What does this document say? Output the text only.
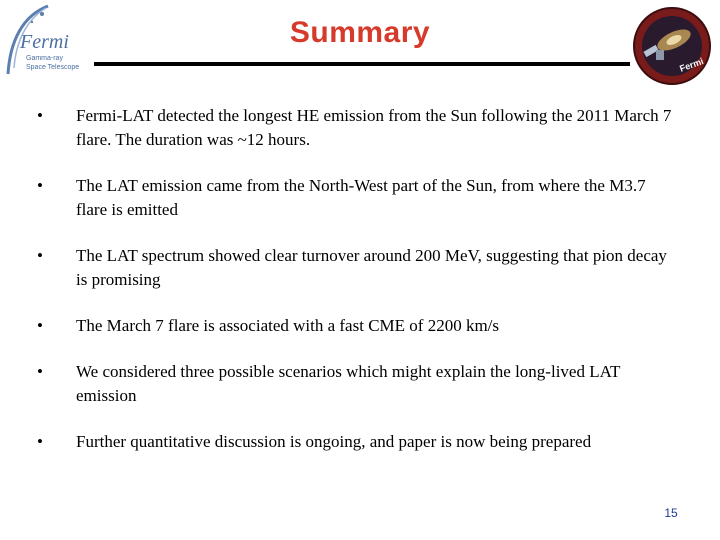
Fermi
Gamma-ray
Space Telescope
Summary
Fermi
•	Fermi-LAT detected the longest HE emission from the Sun following the 2011 March 7 flare. The duration was ~12 hours.
•	The LAT emission came from the North-West part of the Sun, from where the M3.7 flare is emitted
•	The LAT spectrum showed clear turnover around 200 MeV, suggesting that pion decay is promising
•	The March 7 flare is associated with a fast CME of 2200 km/s
•	We considered three possible scenarios which might explain the long-lived LAT emission
•	Further quantitative discussion is ongoing, and paper is now being prepared
15
